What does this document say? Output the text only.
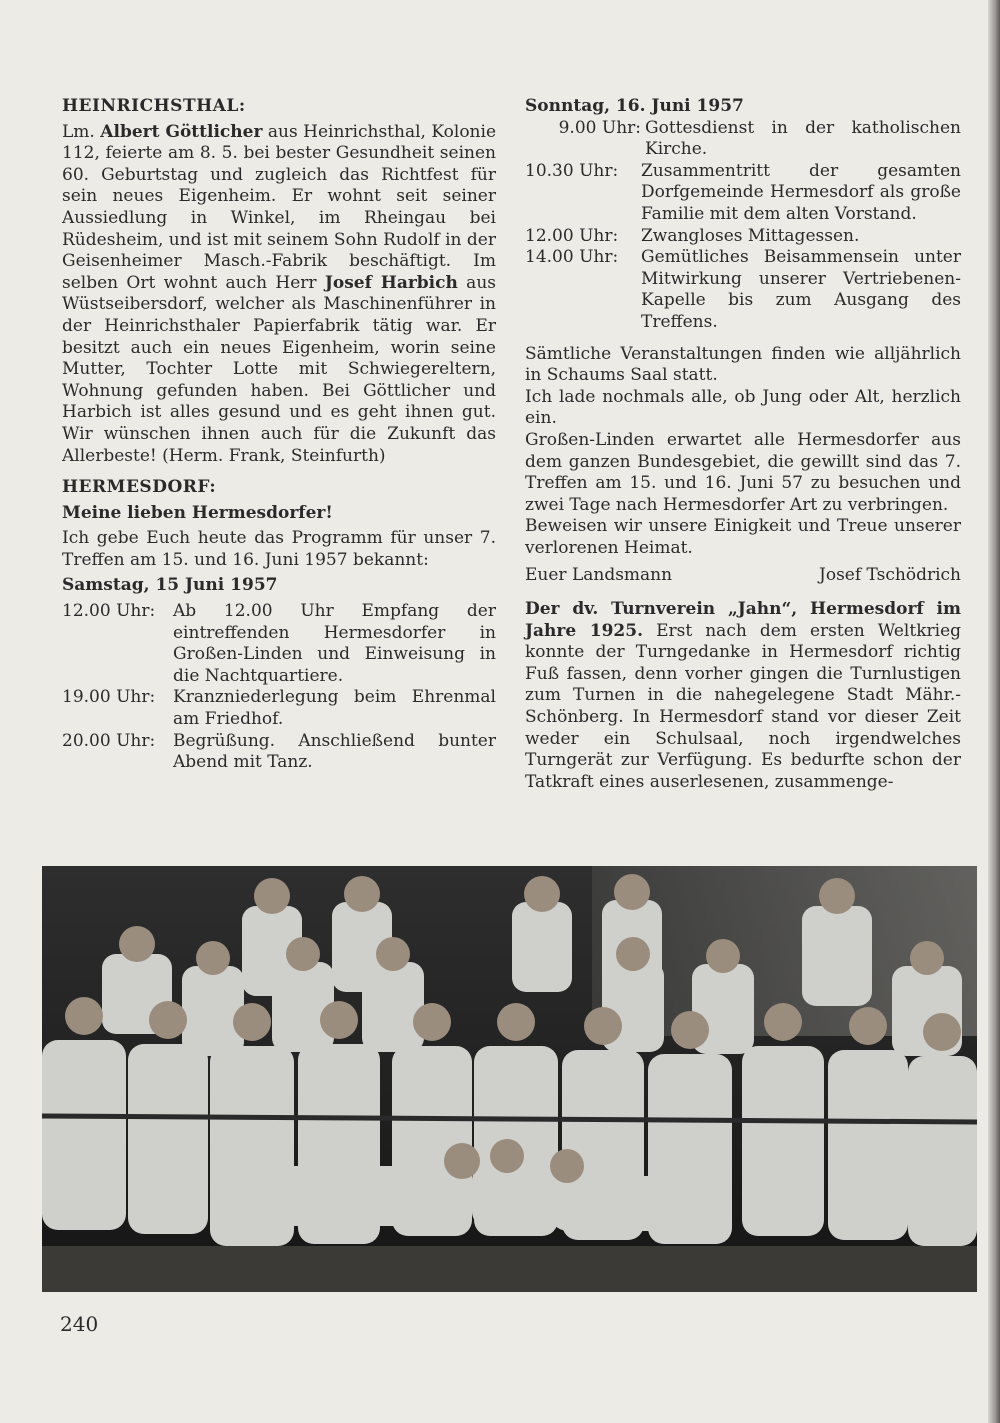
HEINRICHSTHAL:

Lm. Albert Göttlicher aus Heinrichsthal, Kolonie 112, feierte am 8. 5. bei bester Gesundheit seinen 60. Geburtstag und zugleich das Richtfest für sein neues Eigenheim. Er wohnt seit seiner Aussiedlung in Winkel, im Rheingau bei Rüdesheim, und ist mit seinem Sohn Rudolf in der Geisenheimer Masch.-Fabrik beschäftigt. Im selben Ort wohnt auch Herr Josef Harbich aus Wüstseibersdorf, welcher als Maschinenführer in der Heinrichsthaler Papierfabrik tätig war. Er besitzt auch ein neues Eigenheim, worin seine Mutter, Tochter Lotte mit Schwiegereltern, Wohnung gefunden haben. Bei Göttlicher und Harbich ist alles gesund und es geht ihnen gut. Wir wünschen ihnen auch für die Zukunft das Allerbeste! (Herm. Frank, Steinfurth)

HERMESDORF:

Meine lieben Hermesdorfer!

Ich gebe Euch heute das Programm für unser 7. Treffen am 15. und 16. Juni 1957 bekannt:

Samstag, 15 Juni 1957

12.00 Uhr:	Ab 12.00 Uhr Empfang der eintreffenden Hermesdorfer in Großen-Linden und Einweisung in die Nachtquartiere.
19.00 Uhr:	Kranzniederlegung beim Ehrenmal am Friedhof.
20.00 Uhr:	Begrüßung. Anschließend bunter Abend mit Tanz.

Sonntag, 16. Juni 1957

9.00 Uhr: Gottesdienst in der katholischen Kirche.
10.30 Uhr:	Zusammentritt der gesamten Dorfgemeinde Hermesdorf als große Familie mit dem alten Vorstand.
12.00 Uhr:	Zwangloses Mittagessen.
14.00 Uhr:	Gemütliches Beisammensein unter Mitwirkung unserer Vertriebenen-Kapelle bis zum Ausgang des Treffens.

Sämtliche Veranstaltungen finden wie alljährlich in Schaums Saal statt.

Ich lade nochmals alle, ob Jung oder Alt, herzlich ein.

Großen-Linden erwartet alle Hermesdorfer aus dem ganzen Bundesgebiet, die gewillt sind das 7. Treffen am 15. und 16. Juni 57 zu besuchen und zwei Tage nach Hermesdorfer Art zu verbringen.

Beweisen wir unsere Einigkeit und Treue unserer verlorenen Heimat.

Euer Landsmann	Josef Tschödrich

Der dv. Turnverein „Jahn“, Hermesdorf im Jahre 1925. Erst nach dem ersten Weltkrieg konnte der Turngedanke in Hermesdorf richtig Fuß fassen, denn vorher gingen die Turnlustigen zum Turnen in die nahegelegene Stadt Mähr.-Schönberg. In Hermesdorf stand vor dieser Zeit weder ein Schulsaal, noch irgendwelches Turngerät zur Verfügung. Es bedurfte schon der Tatkraft eines auserlesenen, zusammenge-

240
